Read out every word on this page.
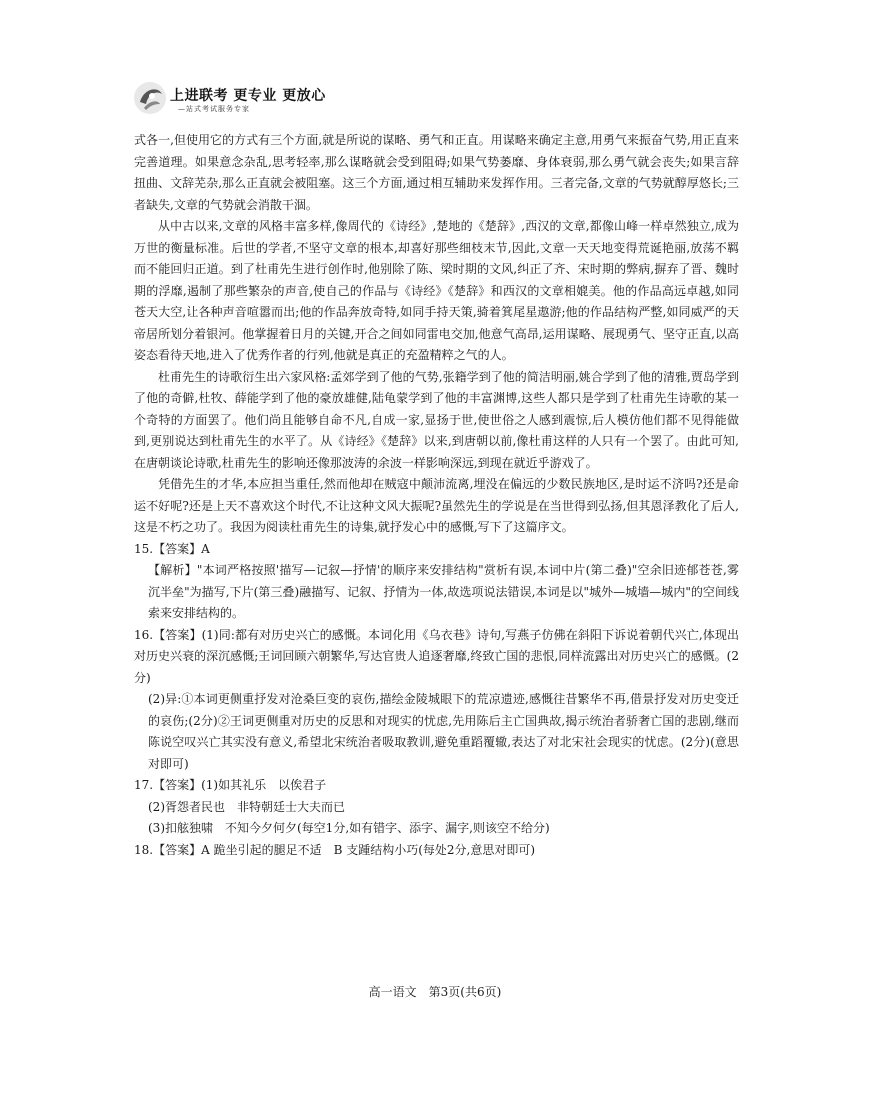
上进联考 更专业 更放心
—站式考试服务专家

式各一,但使用它的方式有三个方面,就是所说的谋略、勇气和正直。用谋略来确定主意,用勇气来振奋气势,用正直来完善道理。如果意念杂乱,思考轻率,那么谋略就会受到阻碍;如果气势萎靡、身体衰弱,那么勇气就会丧失;如果言辞扭曲、文辞芜杂,那么正直就会被阻塞。这三个方面,通过相互辅助来发挥作用。三者完备,文章的气势就醇厚悠长;三者缺失,文章的气势就会消散干涸。

从中古以来,文章的风格丰富多样,像周代的《诗经》,楚地的《楚辞》,西汉的文章,都像山峰一样卓然独立,成为万世的衡量标准。后世的学者,不坚守文章的根本,却喜好那些细枝末节,因此,文章一天天地变得荒诞艳丽,放荡不羁而不能回归正道。到了杜甫先生进行创作时,他别除了陈、梁时期的文风,纠正了齐、宋时期的弊病,摒弃了晋、魏时期的浮靡,遏制了那些繁杂的声音,使自己的作品与《诗经》《楚辞》和西汉的文章相媲美。他的作品高远卓越,如同苍天大空,让各种声音喧嚣而出;他的作品奔放奇特,如同手持天策,骑着箕尾星遨游;他的作品结构严整,如同威严的天帝居所划分着银河。他掌握着日月的关键,开合之间如同雷电交加,他意气高昂,运用谋略、展现勇气、坚守正直,以高姿态看待天地,进入了优秀作者的行列,他就是真正的充盈精粹之气的人。

杜甫先生的诗歌衍生出六家风格:孟郊学到了他的气势,张籍学到了他的简洁明丽,姚合学到了他的清雅,贾岛学到了他的奇僻,杜牧、薛能学到了他的豪放雄健,陆龟蒙学到了他的丰富渊博,这些人都只是学到了杜甫先生诗歌的某一个奇特的方面罢了。他们尚且能够自命不凡,自成一家,显扬于世,使世俗之人感到震惊,后人模仿他们都不见得能做到,更别说达到杜甫先生的水平了。从《诗经》《楚辞》以来,到唐朝以前,像杜甫这样的人只有一个罢了。由此可知,在唐朝谈论诗歌,杜甫先生的影响还像那波涛的余波一样影响深远,到现在就近乎游戏了。

凭借先生的才华,本应担当重任,然而他却在贼寇中颠沛流离,埋没在偏远的少数民族地区,是时运不济吗?还是命运不好呢?还是上天不喜欢这个时代,不让这种文风大振呢?虽然先生的学说是在当世得到弘扬,但其恩泽教化了后人,这是不朽之功了。我因为阅读杜甫先生的诗集,就抒发心中的感慨,写下了这篇序文。

15.【答案】A

【解析】"本词严格按照'描写—记叙—抒情'的顺序来安排结构"赏析有误,本词中片(第二叠)"空余旧迹郁苍苍,雾沉半垒"为描写,下片(第三叠)融描写、记叙、抒情为一体,故选项说法错误,本词是以"城外—城墙—城内"的空间线索来安排结构的。

16.【答案】(1)同:都有对历史兴亡的感慨。本词化用《乌衣巷》诗句,写燕子仿佛在斜阳下诉说着朝代兴亡,体现出对历史兴衰的深沉感慨;王词回顾六朝繁华,写达官贵人追逐奢靡,终致亡国的悲恨,同样流露出对历史兴亡的感慨。(2分)

(2)异:①本词更侧重抒发对沧桑巨变的哀伤,描绘金陵城眼下的荒凉遗迹,感慨往昔繁华不再,借景抒发对历史变迁的哀伤;(2分)②王词更侧重对历史的反思和对现实的忧虑,先用陈后主亡国典故,揭示统治者骄奢亡国的悲剧,继而陈说空叹兴亡其实没有意义,希望北宋统治者吸取教训,避免重蹈覆辙,表达了对北宋社会现实的忧虑。(2分)(意思对即可)

17.【答案】(1)如其礼乐　以俟君子

(2)胥怨者民也　非特朝廷士大夫而已

(3)扣舷独啸　不知今夕何夕(每空1分,如有错字、添字、漏字,则该空不给分)

18.【答案】A 跪坐引起的腿足不适　B 支踵结构小巧(每处2分,意思对即可)

高一语文　第3页(共6页)
